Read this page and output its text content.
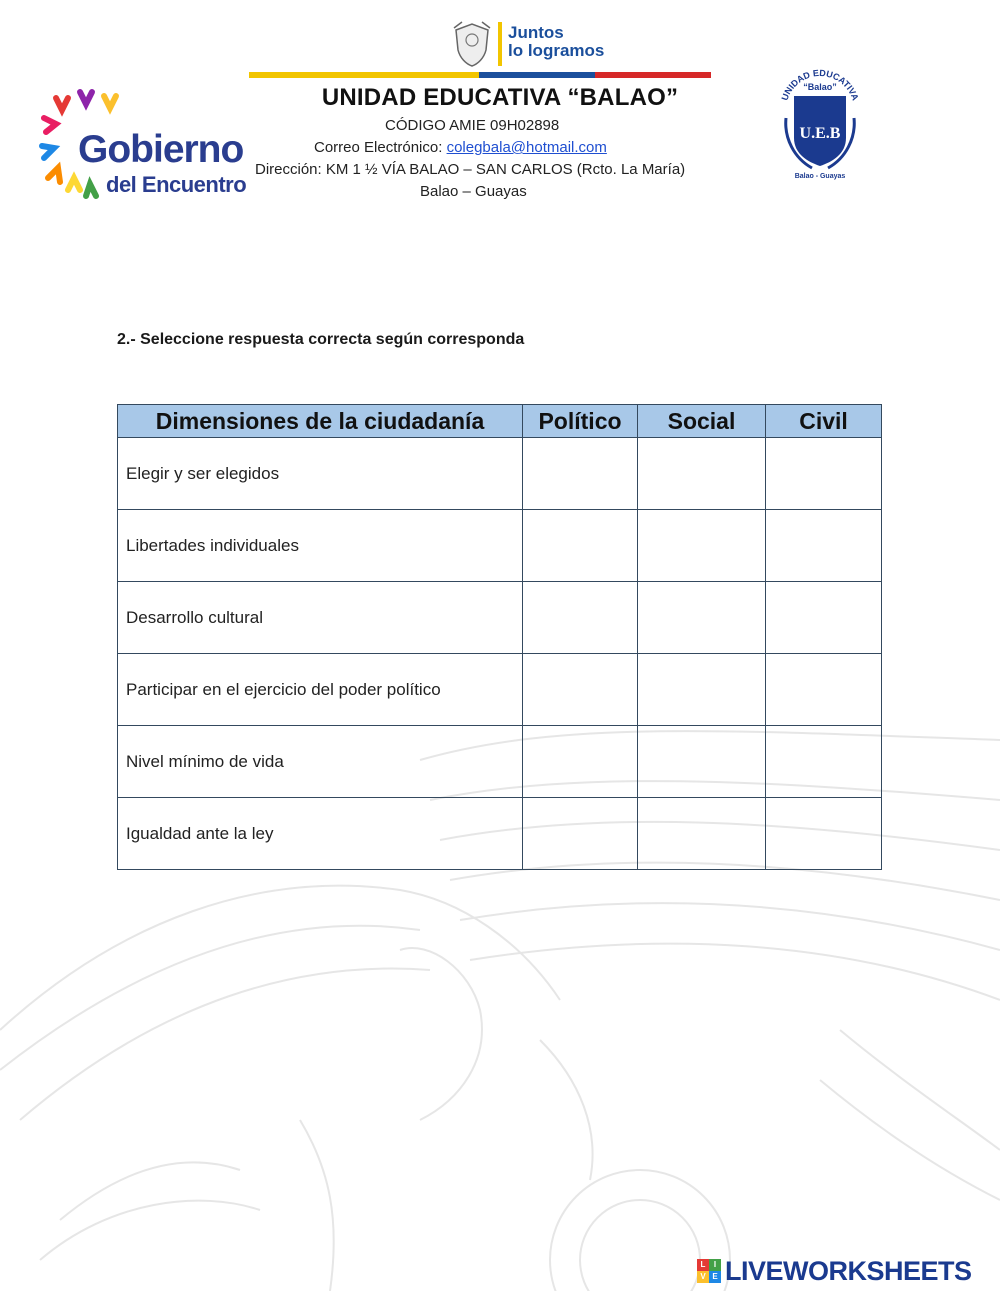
Juntos
lo logramos
UNIDAD EDUCATIVA “BALAO”
CÓDIGO AMIE 09H02898
Correo Electrónico: colegbala@hotmail.com
Dirección: KM 1 ½ VÍA BALAO – SAN CARLOS (Rcto. La María)
Balao – Guayas
Gobierno
del Encuentro
UNIDAD EDUCATIVA
“Balao”
U.E.B
Balao - Guayas
2.- Seleccione respuesta correcta según corresponda
Dimensiones de la ciudadanía	Político	Social	Civil
Elegir y ser elegidos			
Libertades individuales			
Desarrollo cultural			
Participar en el ejercicio del poder político			
Nivel mínimo de vida			
Igualdad ante la ley			
L	I
V E LIVEWORKSHEETS
